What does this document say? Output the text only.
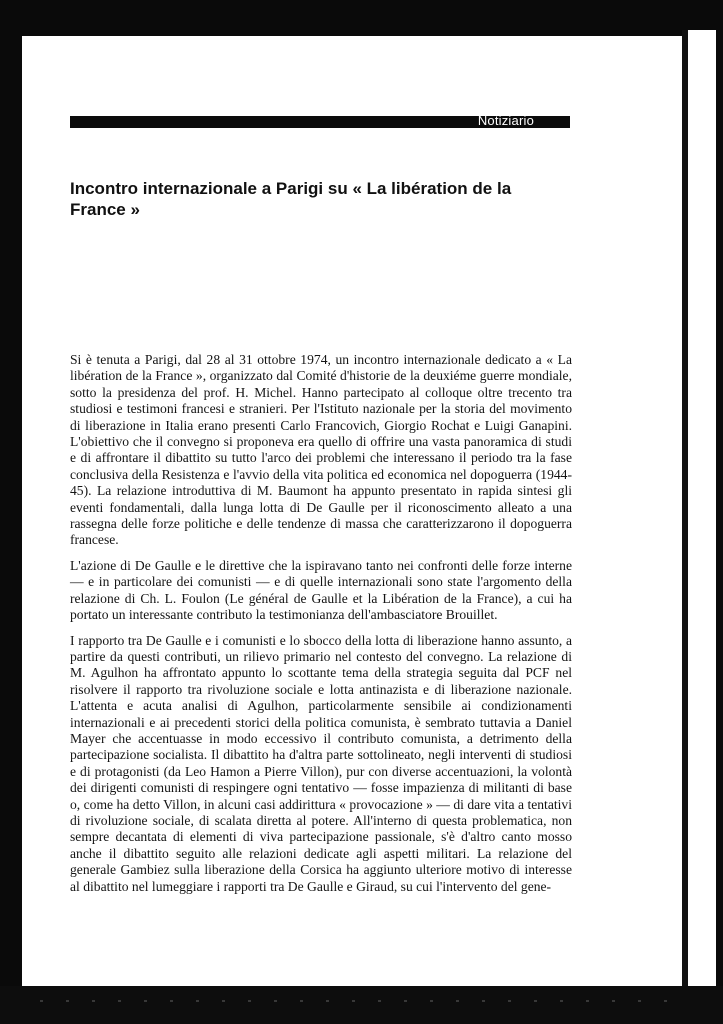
Notiziario
Incontro internazionale a Parigi su « La libération de la France »

Si è tenuta a Parigi, dal 28 al 31 ottobre 1974, un incontro internazionale dedicato a « La libération de la France », organizzato dal Comité d'historie de la deuxiéme guerre mondiale, sotto la presidenza del prof. H. Michel. Hanno partecipato al colloque oltre trecento tra studiosi e testimoni francesi e stranieri. Per l'Istituto nazionale per la storia del movimento di liberazione in Italia erano presenti Carlo Francovich, Giorgio Rochat e Luigi Ganapini. L'obiettivo che il convegno si proponeva era quello di offrire una vasta panoramica di studi e di affrontare il dibattito su tutto l'arco dei problemi che interessano il periodo tra la fase conclusiva della Resistenza e l'avvio della vita politica ed economica nel dopoguerra (1944-45). La relazione introduttiva di M. Baumont ha appunto presentato in rapida sintesi gli eventi fondamentali, dalla lunga lotta di De Gaulle per il riconoscimento alleato a una rassegna delle forze politiche e delle tendenze di massa che caratterizzarono il dopoguerra francese.

L'azione di De Gaulle e le direttive che la ispiravano tanto nei confronti delle forze interne — e in particolare dei comunisti — e di quelle internazionali sono state l'argomento della relazione di Ch. L. Foulon (Le général de Gaulle et la Libération de la France), a cui ha portato un interessante contributo la testimonianza dell'ambasciatore Brouillet.

I rapporto tra De Gaulle e i comunisti e lo sbocco della lotta di liberazione hanno assunto, a partire da questi contributi, un rilievo primario nel contesto del convegno. La relazione di M. Agulhon ha affrontato appunto lo scottante tema della strategia seguita dal PCF nel risolvere il rapporto tra rivoluzione sociale e lotta antinazista e di liberazione nazionale. L'attenta e acuta analisi di Agulhon, particolarmente sensibile ai condizionamenti internazionali e ai precedenti storici della politica comunista, è sembrato tuttavia a Daniel Mayer che accentuasse in modo eccessivo il contributo comunista, a detrimento della partecipazione socialista. Il dibattito ha d'altra parte sottolineato, negli interventi di studiosi e di protagonisti (da Leo Hamon a Pierre Villon), pur con diverse accentuazioni, la volontà dei dirigenti comunisti di respingere ogni tentativo — fosse impazienza di militanti di base o, come ha detto Villon, in alcuni casi addirittura « provocazione » — di dare vita a tentativi di rivoluzione sociale, di scalata diretta al potere. All'interno di questa problematica, non sempre decantata di elementi di viva partecipazione passionale, s'è d'altro canto mosso anche il dibattito seguito alle relazioni dedicate agli aspetti militari. La relazione del generale Gambiez sulla liberazione della Corsica ha aggiunto ulteriore motivo di interesse al dibattito nel lumeggiare i rapporti tra De Gaulle e Giraud, su cui l'intervento del gene-
